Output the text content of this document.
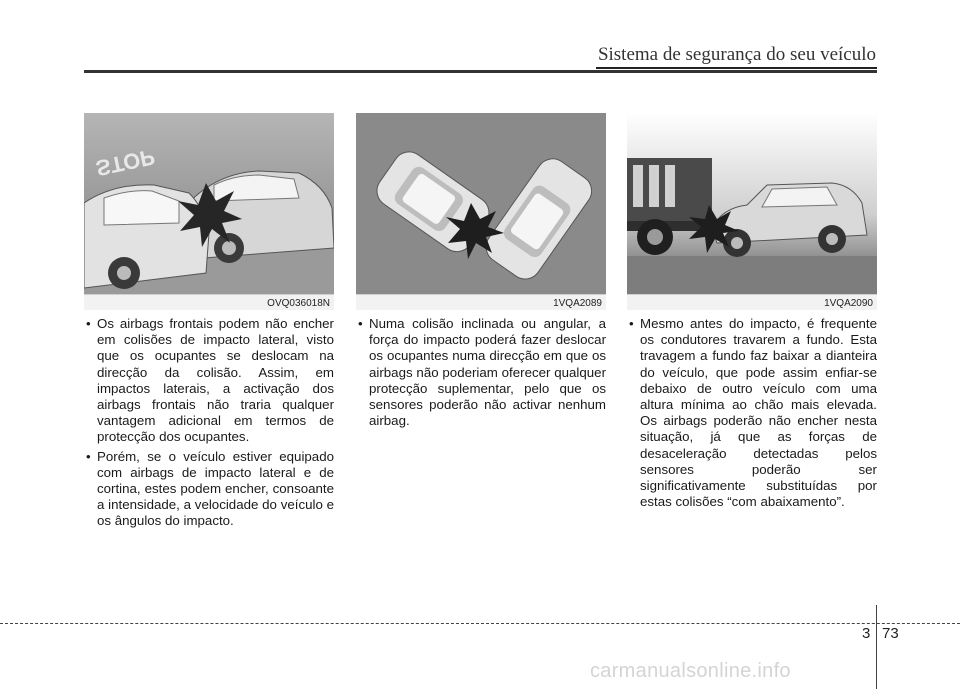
Sistema de segurança do seu veículo
STOP
OVQ036018N	1VQA2089	1VQA2090
• Os airbags frontais podem não encher em colisões de impacto lateral, visto que os ocupantes se deslocam na direcção da colisão. Assim, em impactos laterais, a activação dos airbags frontais não traria qualquer vantagem adicional em termos de protecção dos ocupantes.
• Porém, se o veículo estiver equipado com airbags de impacto lateral e de cortina, estes podem encher, consoante a intensidade, a velocidade do veículo e os ângulos do impacto.
• Numa colisão inclinada ou angular, a força do impacto poderá fazer deslocar os ocupantes numa direcção em que os airbags não poderiam oferecer qualquer protecção suplementar, pelo que os sensores poderão não activar nenhum airbag.
• Mesmo antes do impacto, é frequente os condutores travarem a fundo. Esta travagem a fundo faz baixar a dianteira do veículo, que pode assim enfiar-se debaixo de outro veículo com uma altura mínima ao chão mais elevada. Os airbags poderão não encher nesta situação, já que as forças de desaceleração detectadas pelos sensores poderão ser significativamente substituídas por estas colisões “com abaixamento”.
3 73
carmanualsonline.info
